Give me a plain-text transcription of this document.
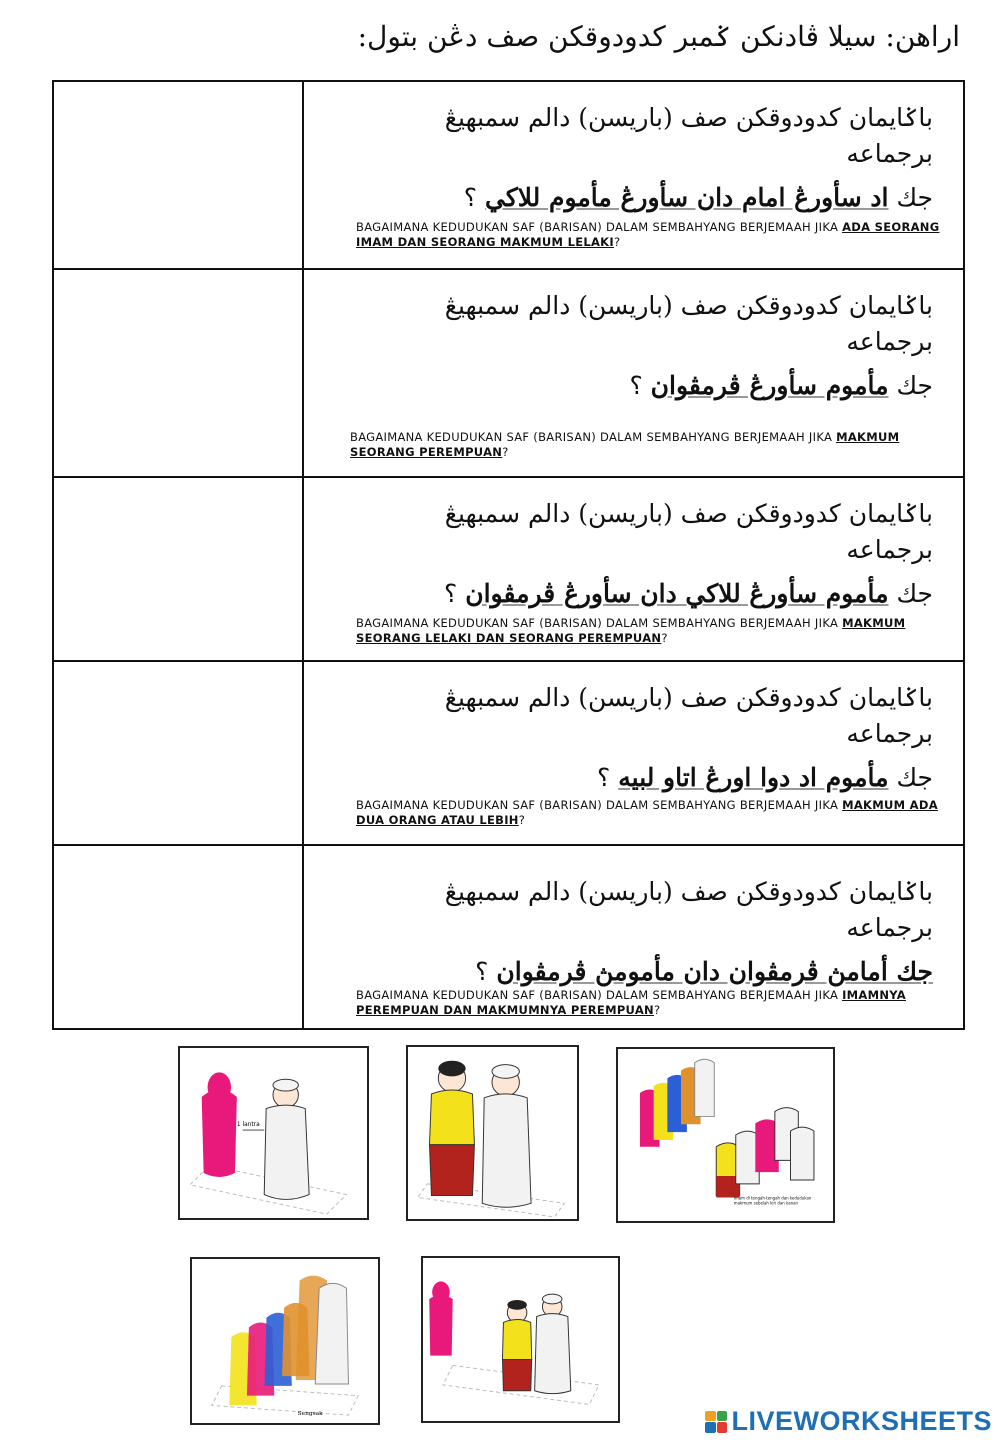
اراهن: سيلا ڤادنكن ݢمبر كدودوقكن صف دڠن بتول:
باݢايمان كدودوقكن صف (باريسن) دالم سمبهيڠ برجماعه
جك اد سأورڠ امام دان سأورڠ مأموم للاكي ؟
BAGAIMANA KEDUDUKAN SAF (BARISAN) DALAM SEMBAHYANG BERJEMAAH JIKA ADA SEORANG IMAM DAN SEORANG MAKMUM LELAKI?
باݢايمان كدودوقكن صف (باريسن) دالم سمبهيڠ برجماعه
جك مأموم سأورڠ ڤرمڤوان ؟
BAGAIMANA KEDUDUKAN SAF (BARISAN) DALAM SEMBAHYANG BERJEMAAH JIKA MAKMUM SEORANG PEREMPUAN?
باݢايمان كدودوقكن صف (باريسن) دالم سمبهيڠ برجماعه
جك مأموم سأورڠ للاكي دان سأورڠ ڤرمڤوان ؟
BAGAIMANA KEDUDUKAN SAF (BARISAN) DALAM SEMBAHYANG BERJEMAAH JIKA MAKMUM SEORANG LELAKI DAN SEORANG PEREMPUAN?
باݢايمان كدودوقكن صف (باريسن) دالم سمبهيڠ برجماعه
جك مأموم اد دوا اورڠ اتاو لبيه ؟
BAGAIMANA KEDUDUKAN SAF (BARISAN) DALAM SEMBAHYANG BERJEMAAH JIKA MAKMUM ADA DUA ORANG ATAU LEBIH?
باݢايمان كدودوقكن صف (باريسن) دالم سمبهيڠ برجماعه
جك أمامڽ ڤرمڤوان دان مأمومڽ ڤرمڤوان ؟
BAGAIMANA KEDUDUKAN SAF (BARISAN) DALAM SEMBAHYANG BERJEMAAH JIKA IMAMNYA PEREMPUAN DAN MAKMUMNYA PEREMPUAN?
1 lantra
Imam di tengah-tengah dan kedudukan makmum sebelah kiri dan kanan
Sengsak	LIVEWORKSHEETS
